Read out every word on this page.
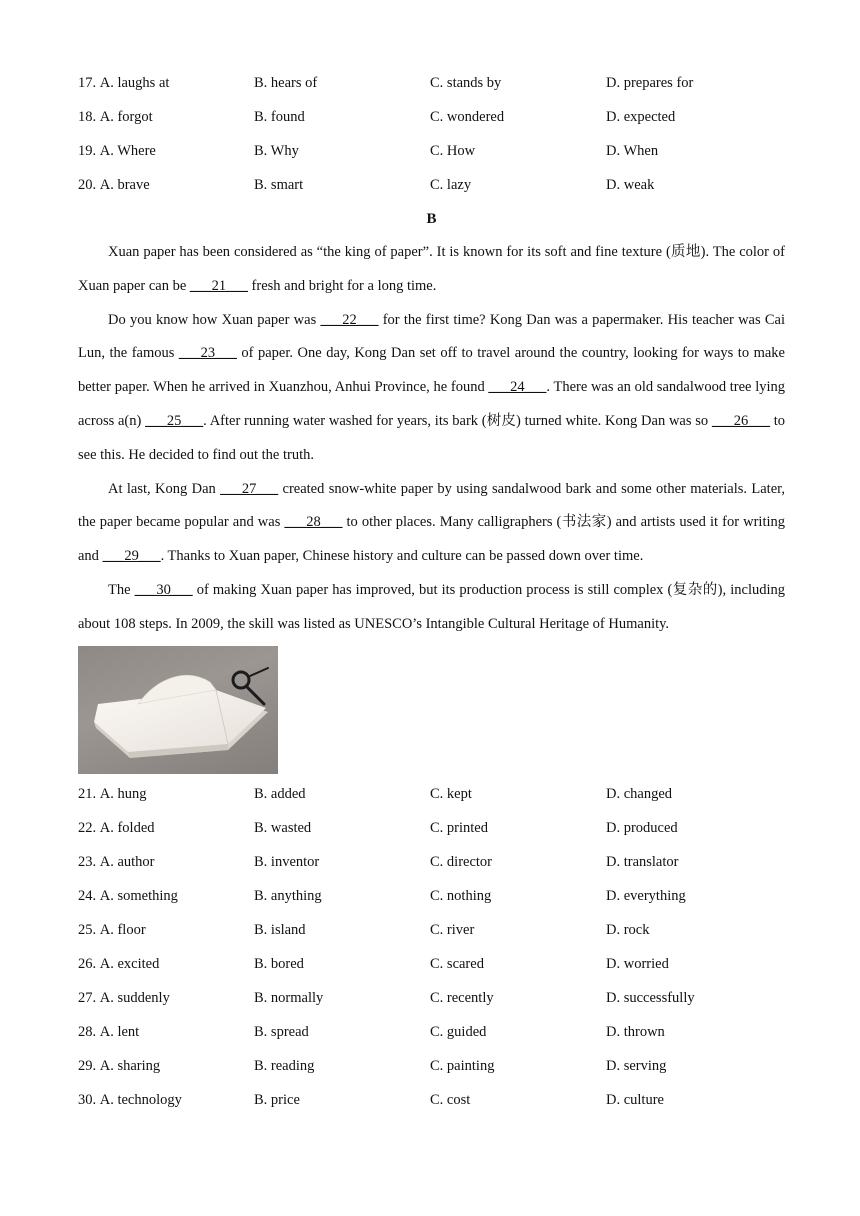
17. A. laughs at	B. hears of	C. stands by	D. prepares for
18. A. forgot	B. found	C. wondered	D. expected
19. A. Where	B. Why	C. How	D. When
20. A. brave	B. smart	C. lazy	D. weak
B

Xuan paper has been considered as “the king of paper”. It is known for its soft and fine texture (质地). The color of Xuan paper can be ___21___ fresh and bright for a long time.

Do you know how Xuan paper was ___22___ for the first time? Kong Dan was a papermaker. His teacher was Cai Lun, the famous ___23___ of paper. One day, Kong Dan set off to travel around the country, looking for ways to make better paper. When he arrived in Xuanzhou, Anhui Province, he found ___24___. There was an old sandalwood tree lying across a(n) ___25___. After running water washed for years, its bark (树皮) turned white. Kong Dan was so ___26___ to see this. He decided to find out the truth.

At last, Kong Dan ___27___ created snow-white paper by using sandalwood bark and some other materials. Later, the paper became popular and was ___28___ to other places. Many calligraphers (书法家) and artists used it for writing and ___29___. Thanks to Xuan paper, Chinese history and culture can be passed down over time.

The ___30___ of making Xuan paper has improved, but its production process is still complex (复杂的), including about 108 steps. In 2009, the skill was listed as UNESCO’s Intangible Cultural Heritage of Humanity.

21. A. hung	B. added	C. kept	D. changed
22. A. folded	B. wasted	C. printed	D. produced
23. A. author	B. inventor	C. director	D. translator
24. A. something	B. anything	C. nothing	D. everything
25. A. floor	B. island	C. river	D. rock
26. A. excited	B. bored	C. scared	D. worried
27. A. suddenly	B. normally	C. recently	D. successfully
28. A. lent	B. spread	C. guided	D. thrown
29. A. sharing	B. reading	C. painting	D. serving
30. A. technology	B. price	C. cost	D. culture
